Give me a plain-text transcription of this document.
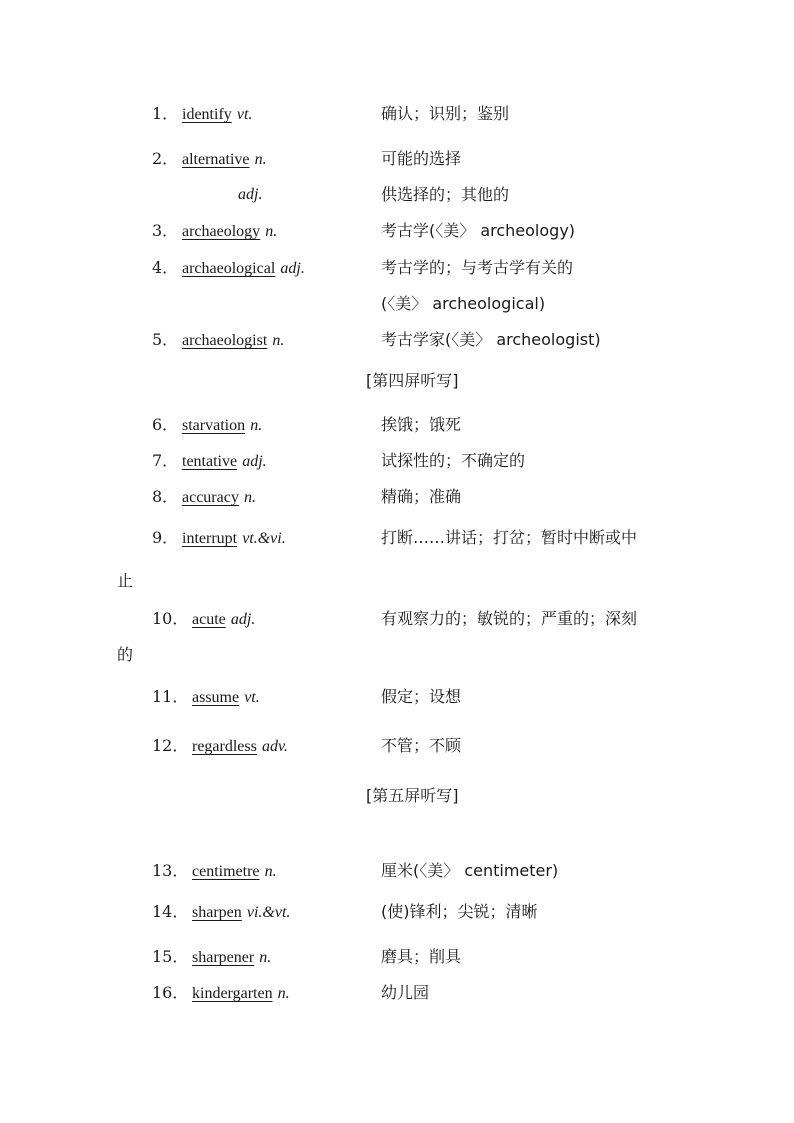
1． identify vt.	确认；识别；鉴别
2． alternative n.	可能的选择
adj.	供选择的；其他的
3． archaeology n.	考古学(〈美〉 archeology)
4． archaeological adj.	考古学的；与考古学有关的
(〈美〉 archeological)
5． archaeologist n.	考古学家(〈美〉 archeologist)
[第四屏听写]
6． starvation n.	挨饿；饿死
7． tentative adj.	试探性的；不确定的
8． accuracy n.	精确；准确
9． interrupt vt.&vi.	打断……讲话；打岔；暂时中断或中
止
10． acute adj.	有观察力的；敏锐的；严重的；深刻
的
11． assume vt.	假定；设想
12． regardless adv.	不管；不顾
[第五屏听写]
13． centimetre n.	厘米(〈美〉 centimeter)
14． sharpen vi.&vt.	(使)锋利；尖锐；清晰
15． sharpener n.	磨具；削具
16． kindergarten n.	幼儿园
